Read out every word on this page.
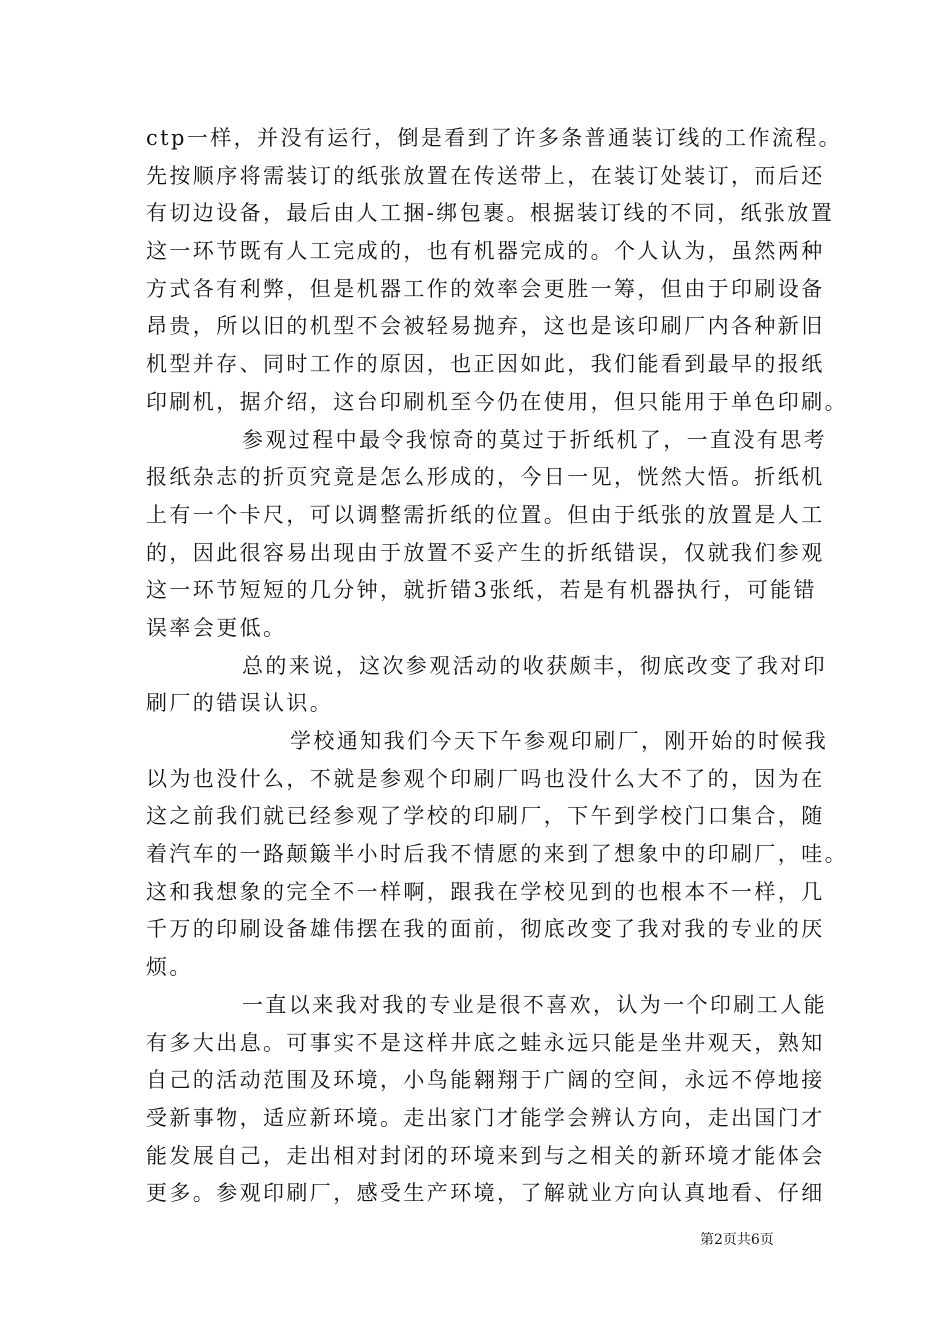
ctp一样，并没有运行，倒是看到了许多条普通装订线的工作流程。
先按顺序将需装订的纸张放置在传送带上，在装订处装订，而后还
有切边设备，最后由人工捆-绑包裹。根据装订线的不同，纸张放置
这一环节既有人工完成的，也有机器完成的。个人认为，虽然两种
方式各有利弊，但是机器工作的效率会更胜一筹，但由于印刷设备
昂贵，所以旧的机型不会被轻易抛弃，这也是该印刷厂内各种新旧
机型并存、同时工作的原因，也正因如此，我们能看到最早的报纸
印刷机，据介绍，这台印刷机至今仍在使用，但只能用于单色印刷。
参观过程中最令我惊奇的莫过于折纸机了，一直没有思考
报纸杂志的折页究竟是怎么形成的，今日一见，恍然大悟。折纸机
上有一个卡尺，可以调整需折纸的位置。但由于纸张的放置是人工
的，因此很容易出现由于放置不妥产生的折纸错误，仅就我们参观
这一环节短短的几分钟，就折错3张纸，若是有机器执行，可能错
误率会更低。
总的来说，这次参观活动的收获颇丰，彻底改变了我对印
刷厂的错误认识。
学校通知我们今天下午参观印刷厂，刚开始的时候我
以为也没什么，不就是参观个印刷厂吗也没什么大不了的，因为在
这之前我们就已经参观了学校的印刷厂，下午到学校门口集合，随
着汽车的一路颠簸半小时后我不情愿的来到了想象中的印刷厂，哇。
这和我想象的完全不一样啊，跟我在学校见到的也根本不一样，几
千万的印刷设备雄伟摆在我的面前，彻底改变了我对我的专业的厌
烦。
一直以来我对我的专业是很不喜欢，认为一个印刷工人能
有多大出息。可事实不是这样井底之蛙永远只能是坐井观天，熟知
自己的活动范围及环境，小鸟能翱翔于广阔的空间，永远不停地接
受新事物，适应新环境。走出家门才能学会辨认方向，走出国门才
能发展自己，走出相对封闭的环境来到与之相关的新环境才能体会
更多。参观印刷厂，感受生产环境，了解就业方向认真地看、仔细
第2页共6页
